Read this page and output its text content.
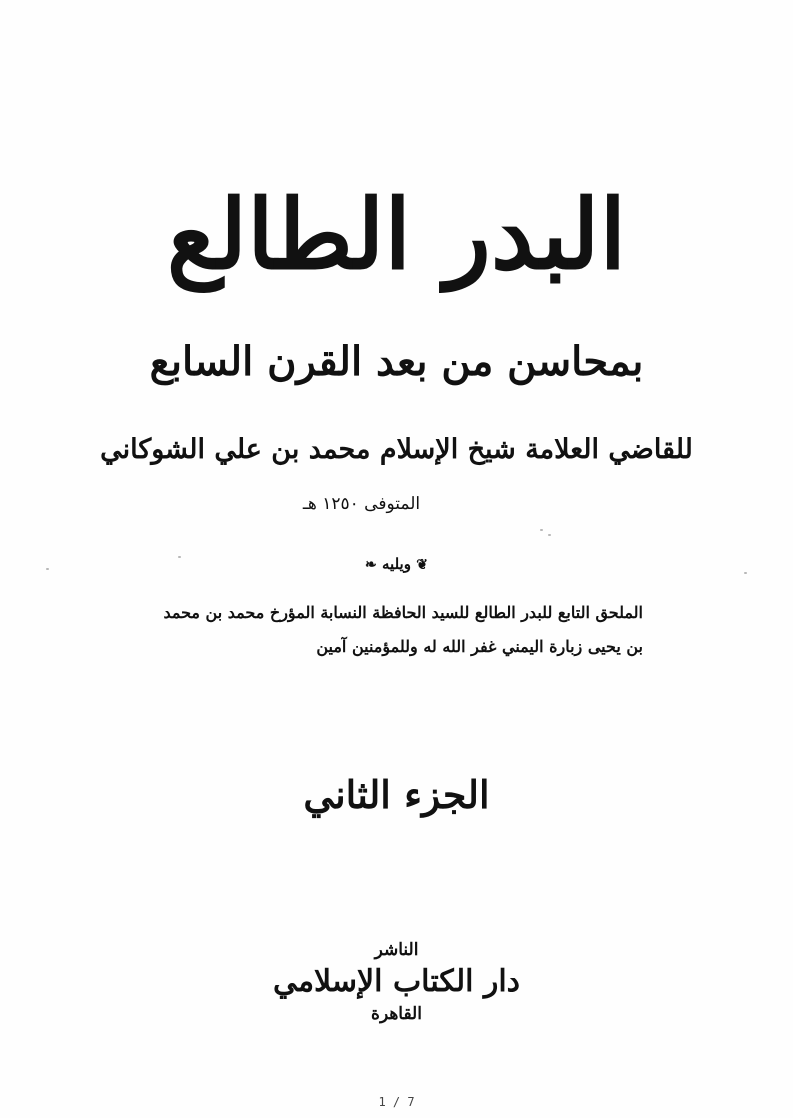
البدر الطالع
بمحاسن من بعد القرن السابع
للقاضي العلامة شيخ الإسلام محمد بن علي الشوكاني
المتوفى ١٢٥٠ هـ
❦ ويليه ❧
الملحق التابع للبدر الطالع للسيد الحافظة النسابة المؤرخ محمد بن محمد بن يحيى زبارة اليمني غفر الله له وللمؤمنين آمين
الجزء الثاني
الناشر
دار الكتاب الإسلامي
القاهرة
1 / 7
